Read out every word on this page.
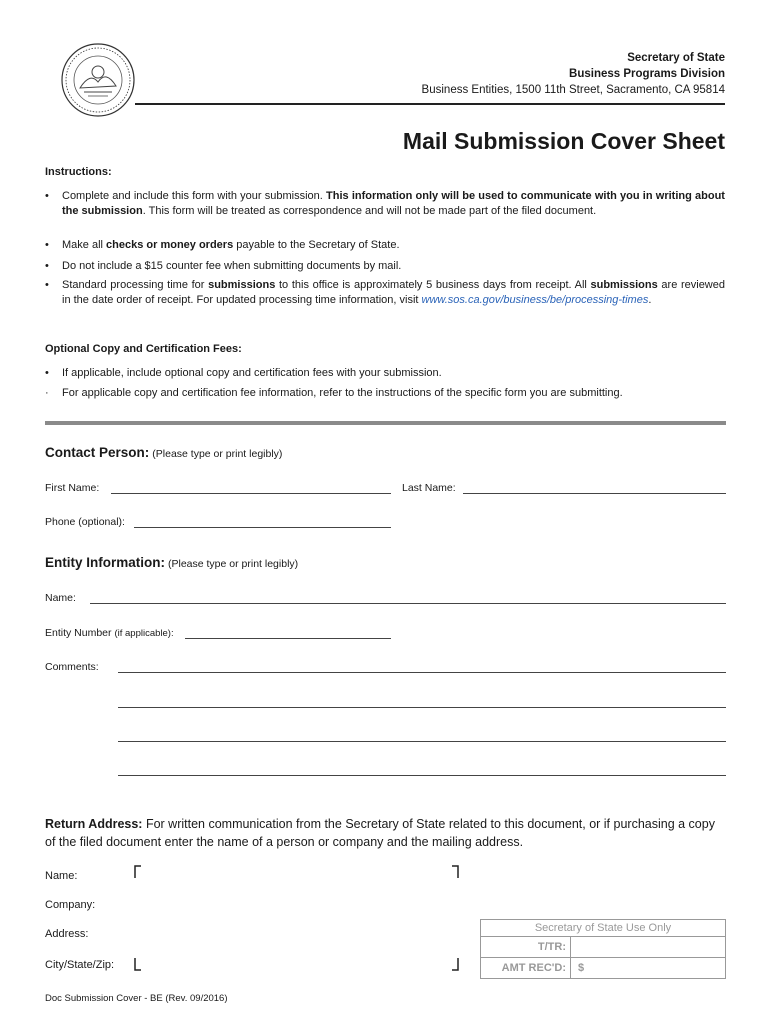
Secretary of State
Business Programs Division
Business Entities, 1500 11th Street, Sacramento, CA 95814
Mail Submission Cover Sheet
Instructions:
• Complete and include this form with your submission. This information only will be used to communicate with you in writing about the submission. This form will be treated as correspondence and will not be made part of the filed document.
• Make all checks or money orders payable to the Secretary of State.
• Do not include a $15 counter fee when submitting documents by mail.
• Standard processing time for submissions to this office is approximately 5 business days from receipt. All submissions are reviewed in the date order of receipt. For updated processing time information, visit www.sos.ca.gov/business/be/processing-times.
Optional Copy and Certification Fees:
• If applicable, include optional copy and certification fees with your submission.
· For applicable copy and certification fee information, refer to the instructions of the specific form you are submitting.
Contact Person: (Please type or print legibly)
First Name:	Last Name:
Phone (optional):
Entity Information: (Please type or print legibly)
Name:
Entity Number (if applicable):
Comments:
Return Address: For written communication from the Secretary of State related to this document, or if purchasing a copy of the filed document enter the name of a person or company and the mailing address.
Name:
Company:
Address:
City/State/Zip:
Secretary of State Use Only
T/TR:
AMT REC'D:	$
Doc Submission Cover - BE (Rev. 09/2016)
